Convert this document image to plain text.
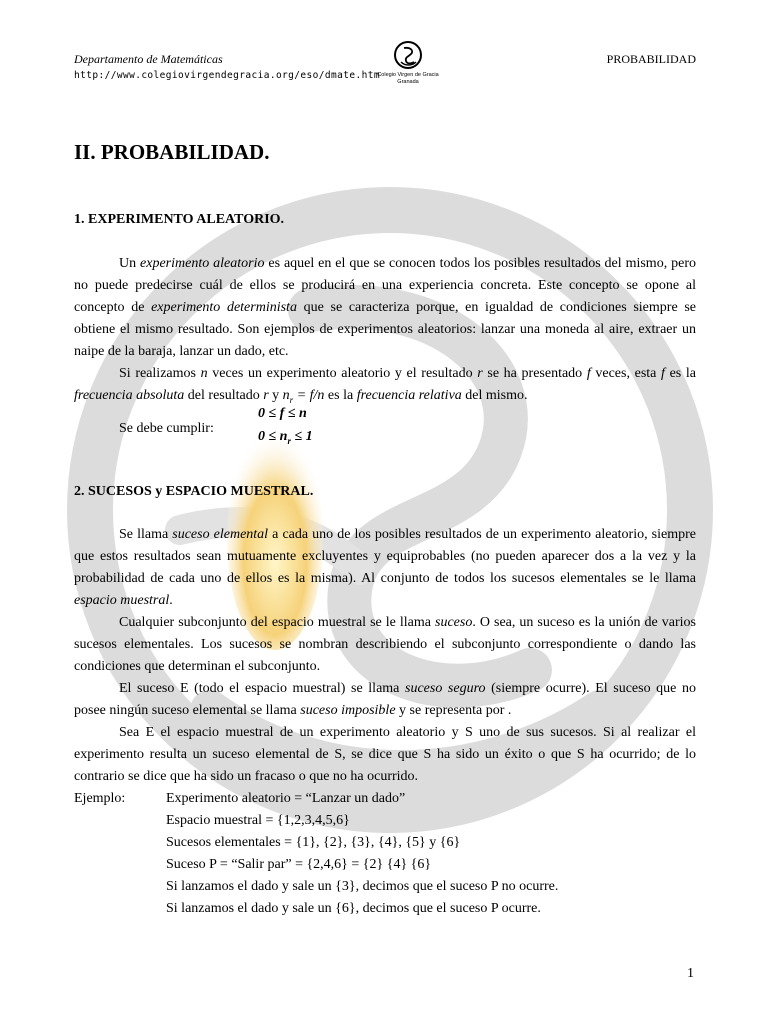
Departamento de Matemáticas
http://www.colegiovirgendegracia.org/eso/dmate.htm
PROBABILIDAD
Colegio Virgen de Gracia
Granada
II. PROBABILIDAD.
1. EXPERIMENTO ALEATORIO.

Un experimento aleatorio es aquel en el que se conocen todos los posibles resultados del mismo, pero no puede predecirse cuál de ellos se producirá en una experiencia concreta. Este concepto se opone al concepto de experimento determinista que se caracteriza porque, en igualdad de condiciones siempre se obtiene el mismo resultado. Son ejemplos de experimentos aleatorios: lanzar una moneda al aire, extraer un naipe de la baraja, lanzar un dado, etc.

Si realizamos n veces un experimento aleatorio y el resultado r se ha presentado f veces, esta f es la frecuencia absoluta del resultado r y $n_r = f/n$ es la frecuencia relativa del mismo.

Se debe cumplir:
0 ≤ f ≤ n
$0 \le n_r \le 1$
2. SUCESOS y ESPACIO MUESTRAL.

Se llama suceso elemental a cada uno de los posibles resultados de un experimento aleatorio, siempre que estos resultados sean mutuamente excluyentes y equiprobables (no pueden aparecer dos a la vez y la probabilidad de cada uno de ellos es la misma). Al conjunto de todos los sucesos elementales se le llama espacio muestral.

Cualquier subconjunto del espacio muestral se le llama suceso. O sea, un suceso es la unión de varios sucesos elementales. Los sucesos se nombran describiendo el subconjunto correspondiente o dando las condiciones que determinan el subconjunto.

El suceso E (todo el espacio muestral) se llama suceso seguro (siempre ocurre). El suceso que no posee ningún suceso elemental se llama suceso imposible y se representa por .

Sea E el espacio muestral de un experimento aleatorio y S uno de sus sucesos. Si al realizar el experimento resulta un suceso elemental de S, se dice que S ha sido un éxito o que S ha ocurrido; de lo contrario se dice que ha sido un fracaso o que no ha ocurrido.

Ejemplo:	Experimento aleatorio = “Lanzar un dado”
Espacio muestral = {1,2,3,4,5,6}
Sucesos elementales = {1}, {2}, {3}, {4}, {5} y {6}
Suceso P = “Salir par” = {2,4,6} = {2} {4} {6}
Si lanzamos el dado y sale un {3}, decimos que el suceso P no ocurre.
Si lanzamos el dado y sale un {6}, decimos que el suceso P ocurre.
1
